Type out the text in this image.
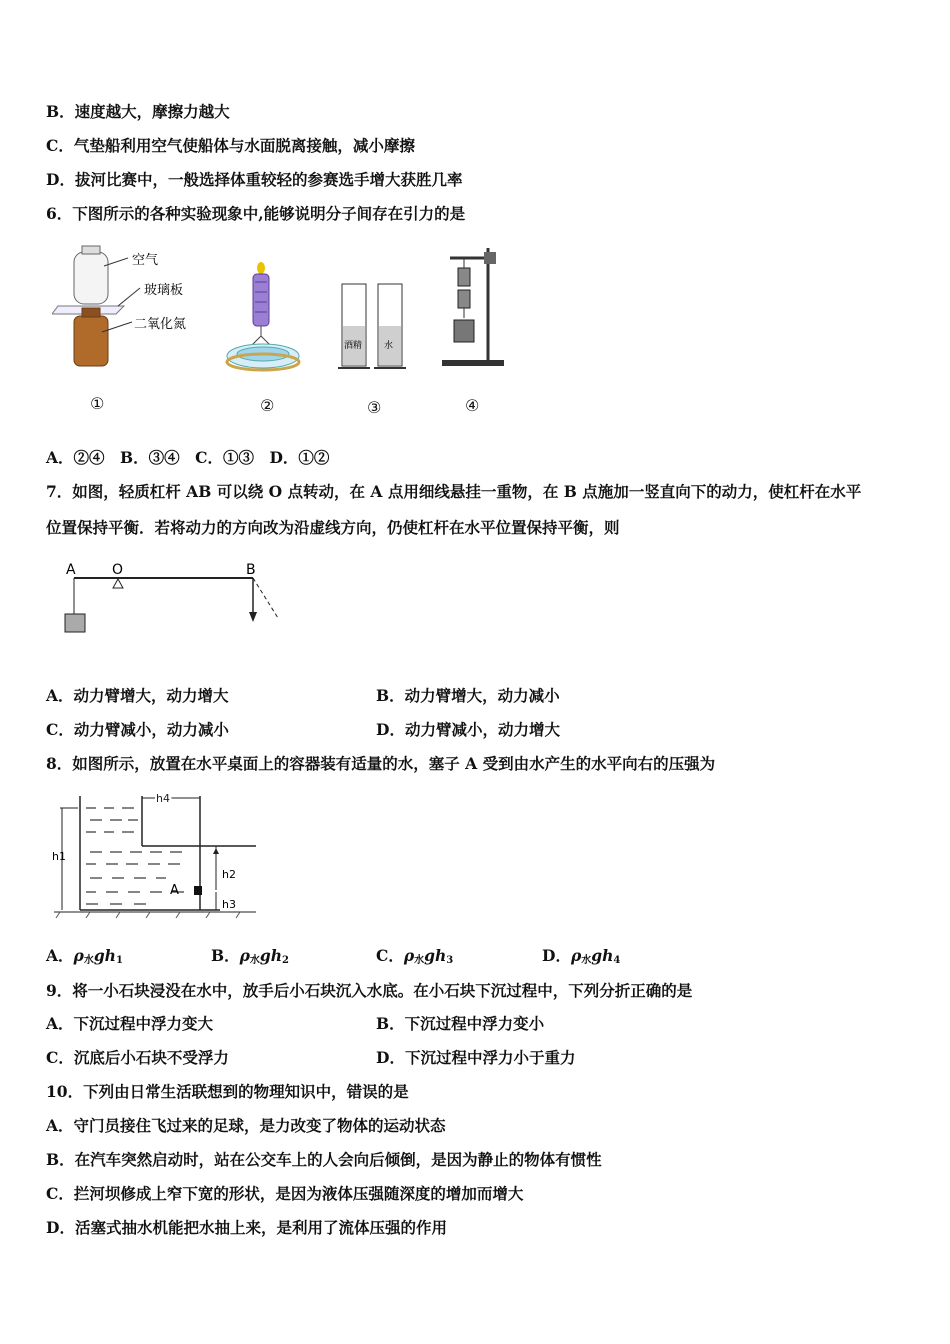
B．速度越大，摩擦力越大
C．气垫船利用空气使船体与水面脱离接触，减小摩擦
D．拔河比赛中，一般选择体重较轻的参赛选手增大获胜几率
6．下图所示的各种实验现象中,能够说明分子间存在引力的是
空气
玻璃板
二氧化氮
①	②
酒精 水
③	④
A．②④　B．③④　C．①③　D．①②
7．如图，轻质杠杆 AB 可以绕 O 点转动，在 A 点用细线悬挂一重物，在 B 点施加一竖直向下的动力，使杠杆在水平
位置保持平衡．若将动力的方向改为沿虚线方向，仍使杠杆在水平位置保持平衡，则
A	O	B
A．动力臂增大，动力增大	B．动力臂增大，动力减小
C．动力臂减小，动力减小	D．动力臂减小，动力增大
8．如图所示，放置在水平桌面上的容器装有适量的水，塞子 A 受到由水产生的水平向右的压强为
h4
h1
h2
h3
A
A．ρ水gh1	B．ρ水gh2	C．ρ水gh3	D．ρ水gh4
9．将一小石块浸没在水中，放手后小石块沉入水底。在小石块下沉过程中，下列分折正确的是
A．下沉过程中浮力变大	B．下沉过程中浮力变小
C．沉底后小石块不受浮力	D．下沉过程中浮力小于重力
10．下列由日常生活联想到的物理知识中，错误的是
A．守门员接住飞过来的足球，是力改变了物体的运动状态
B．在汽车突然启动时，站在公交车上的人会向后倾倒，是因为静止的物体有惯性
C．拦河坝修成上窄下宽的形状，是因为液体压强随深度的增加而增大
D．活塞式抽水机能把水抽上来，是利用了流体压强的作用
